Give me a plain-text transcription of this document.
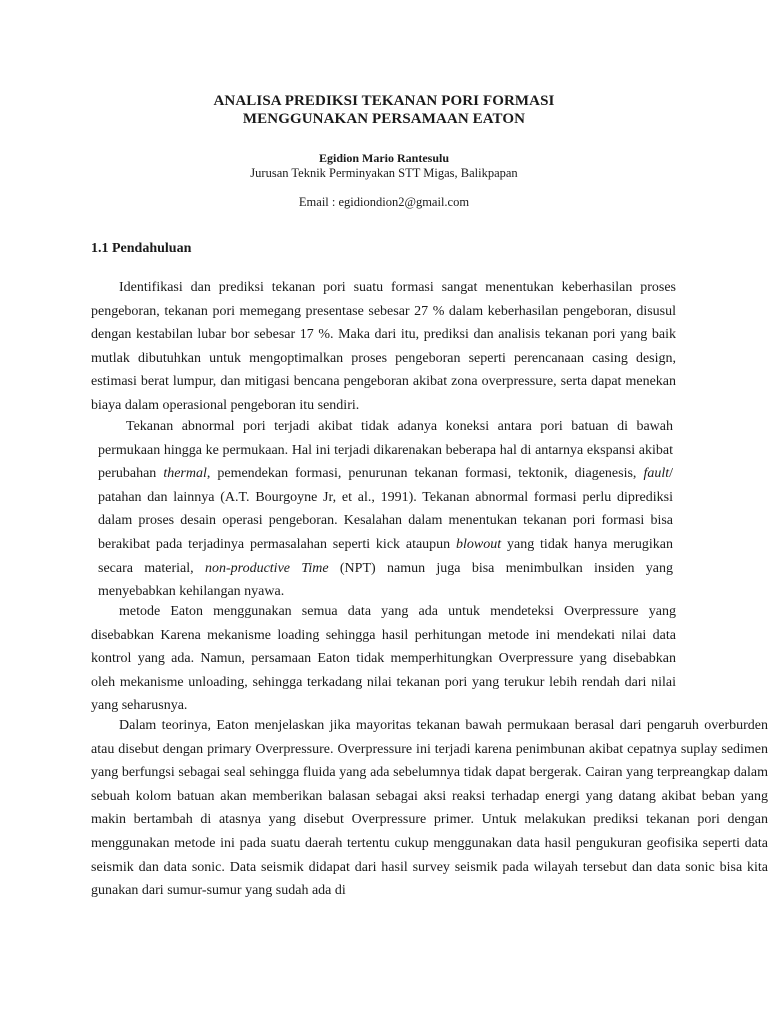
ANALISA PREDIKSI TEKANAN PORI FORMASI
MENGGUNAKAN PERSAMAAN EATON
Egidion Mario Rantesulu
Jurusan Teknik Perminyakan STT Migas, Balikpapan
Email : egidiondion2@gmail.com
1.1 Pendahuluan

Identifikasi dan prediksi tekanan pori suatu formasi sangat menentukan keberhasilan proses pengeboran, tekanan pori memegang presentase sebesar 27 % dalam keberhasilan pengeboran, disusul dengan kestabilan lubar bor sebesar 17 %. Maka dari itu, prediksi dan analisis tekanan pori yang baik mutlak dibutuhkan untuk mengoptimalkan proses pengeboran seperti perencanaan casing design, estimasi berat lumpur, dan mitigasi bencana pengeboran akibat zona overpressure, serta dapat menekan biaya dalam operasional pengeboran itu sendiri.

Tekanan abnormal pori terjadi akibat tidak adanya koneksi antara pori batuan di bawah permukaan hingga ke permukaan. Hal ini terjadi dikarenakan beberapa hal di antarnya ekspansi akibat perubahan thermal, pemendekan formasi, penurunan tekanan formasi, tektonik, diagenesis, fault/ patahan dan lainnya (A.T. Bourgoyne Jr, et al., 1991). Tekanan abnormal formasi perlu diprediksi dalam proses desain operasi pengeboran. Kesalahan dalam menentukan tekanan pori formasi bisa berakibat pada terjadinya permasalahan seperti kick ataupun blowout yang tidak hanya merugikan secara material, non-productive Time (NPT) namun juga bisa menimbulkan insiden yang menyebabkan kehilangan nyawa.

metode Eaton menggunakan semua data yang ada untuk mendeteksi Overpressure yang disebabkan Karena mekanisme loading sehingga hasil perhitungan metode ini mendekati nilai data kontrol yang ada. Namun, persamaan Eaton tidak memperhitungkan Overpressure yang disebabkan oleh mekanisme unloading, sehingga terkadang nilai tekanan pori yang terukur lebih rendah dari nilai yang seharusnya.

Dalam teorinya, Eaton menjelaskan jika mayoritas tekanan bawah permukaan berasal dari pengaruh overburden atau disebut dengan primary Overpressure. Overpressure ini terjadi karena penimbunan akibat cepatnya suplay sedimen yang berfungsi sebagai seal sehingga fluida yang ada sebelumnya tidak dapat bergerak. Cairan yang terpreangkap dalam sebuah kolom batuan akan memberikan balasan sebagai aksi reaksi terhadap energi yang datang akibat beban yang makin bertambah di atasnya yang disebut Overpressure primer. Untuk melakukan prediksi tekanan pori dengan menggunakan metode ini pada suatu daerah tertentu cukup menggunakan data hasil pengukuran geofisika seperti data seismik dan data sonic. Data seismik didapat dari hasil survey seismik pada wilayah tersebut dan data sonic bisa kita gunakan dari sumur-sumur yang sudah ada di
